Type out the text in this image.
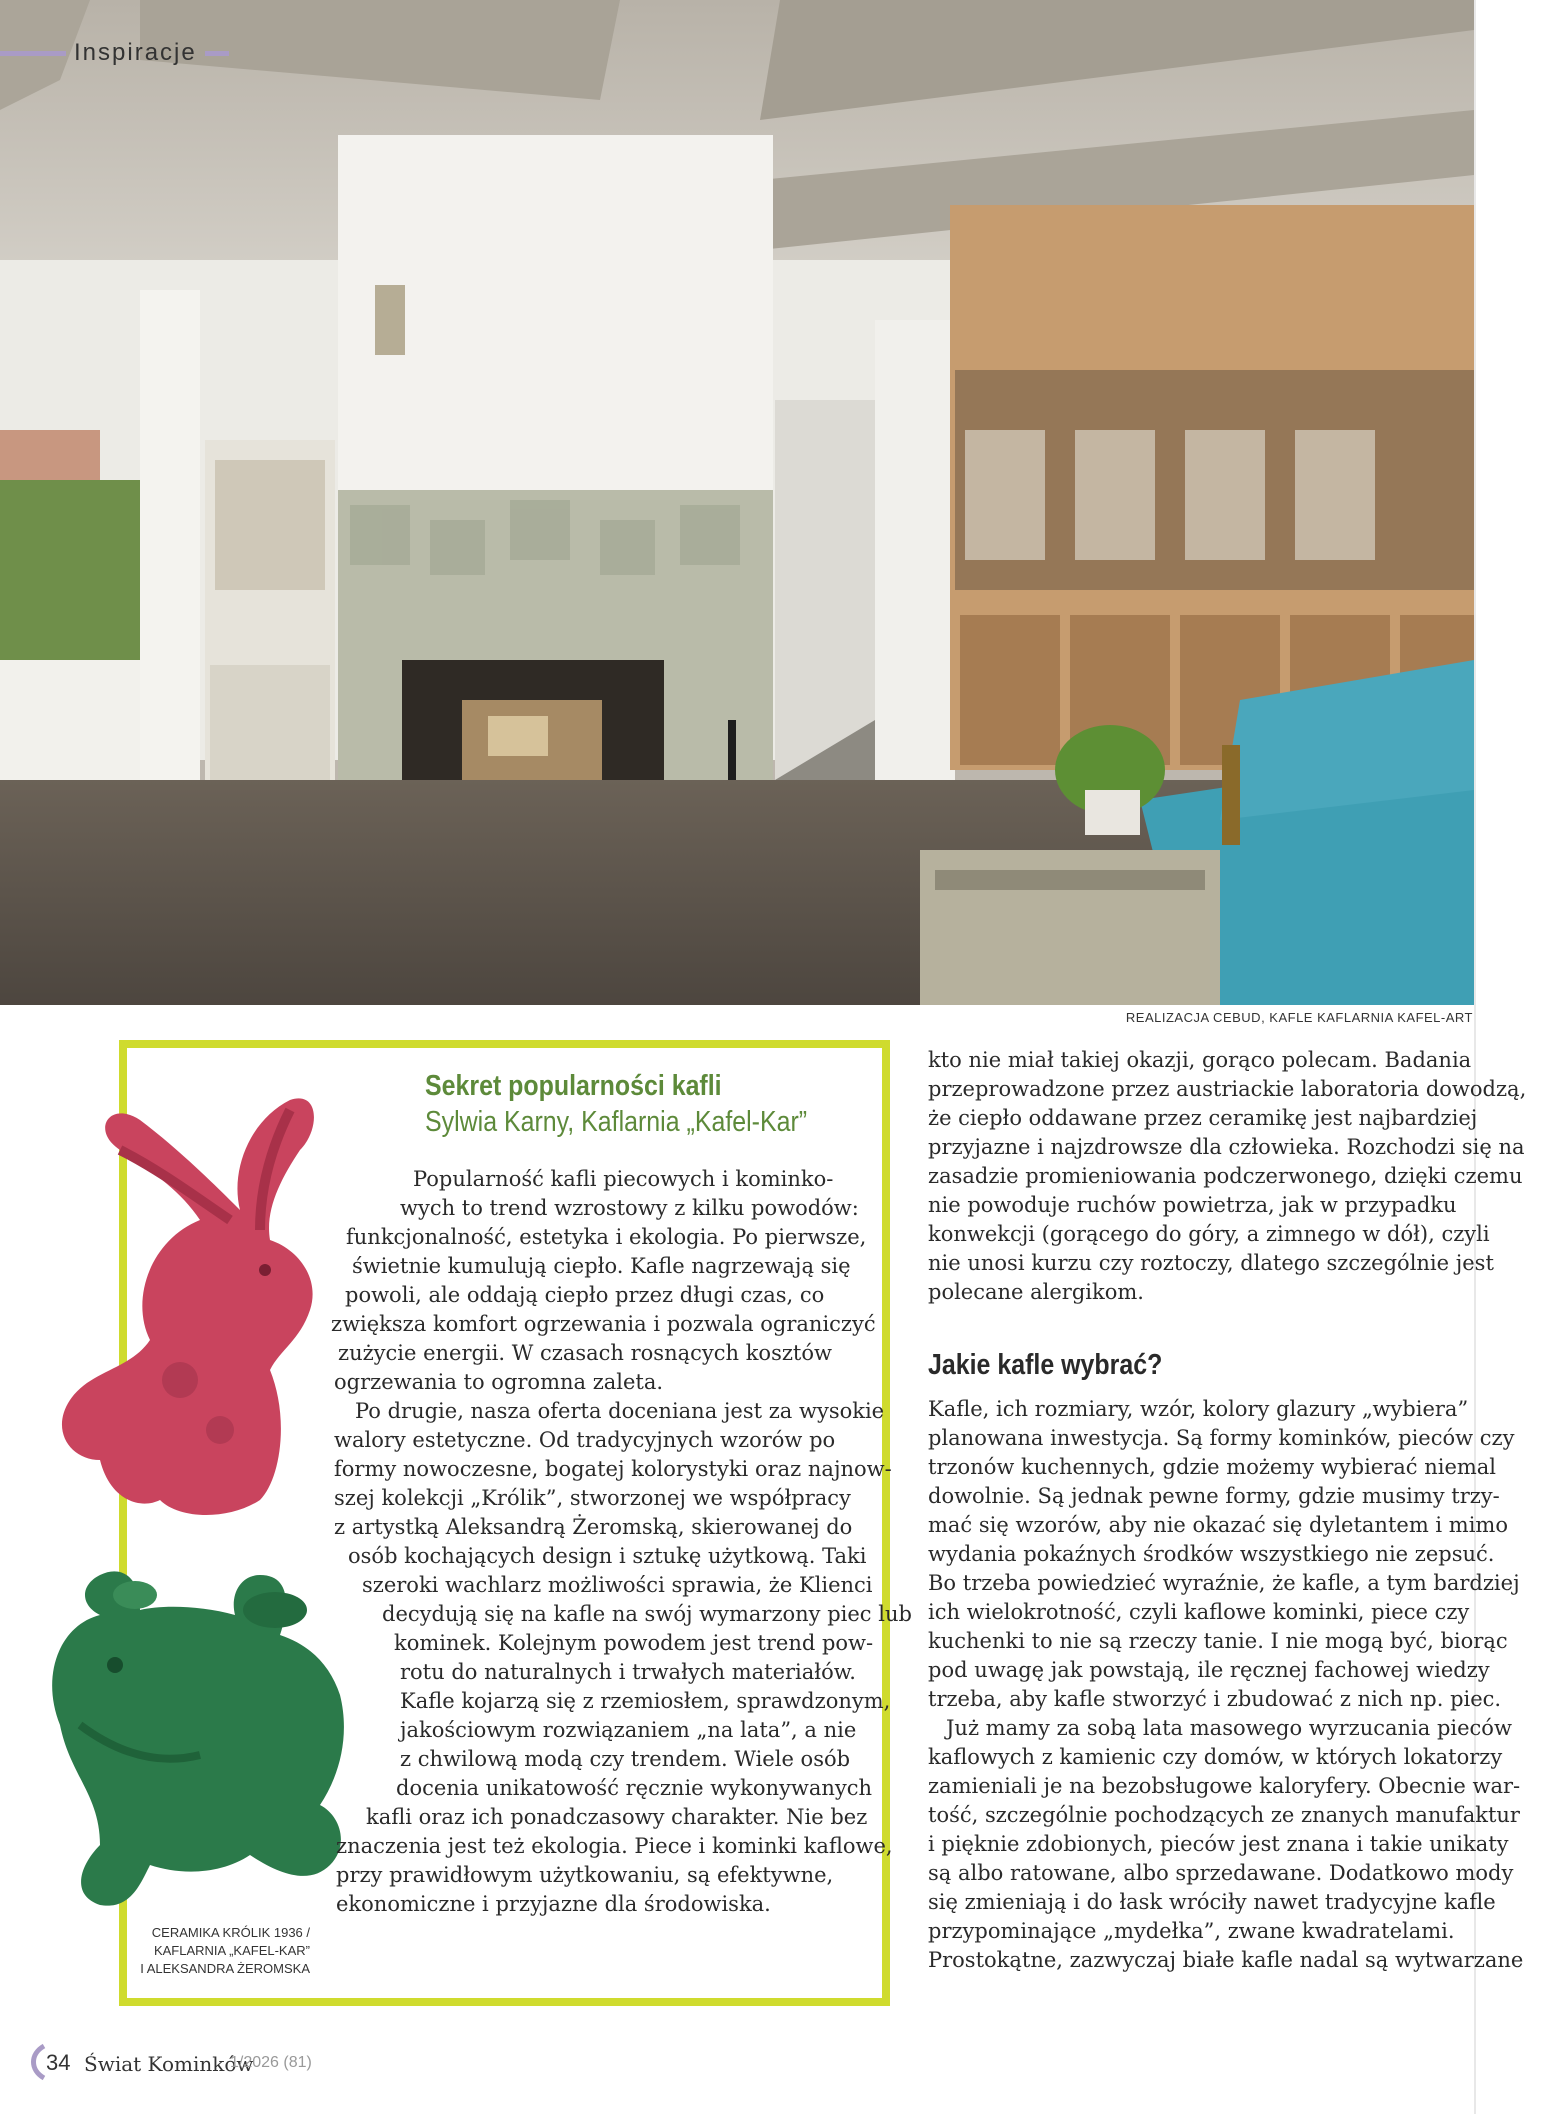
REALIZACJA CEBUD, KAFLE KAFLARNIA KAFEL-ART
Inspiracje
CERAMIKA KRÓLIK 1936 /
KAFLARNIA „KAFEL-KAR”
I ALEKSANDRA ŻEROMSKA
Sekret popularności kafli
Sylwia Karny, Kaflarnia „Kafel-Kar”
Popularność kafli piecowych i kominko-
wych to trend wzrostowy z kilku powodów:
funkcjonalność, estetyka i ekologia. Po pierwsze,
świetnie kumulują ciepło. Kafle nagrzewają się
powoli, ale oddają ciepło przez długi czas, co
zwiększa komfort ogrzewania i pozwala ograniczyć
zużycie energii. W czasach rosnących kosztów
ogrzewania to ogromna zaleta.
Po drugie, nasza oferta doceniana jest za wysokie
walory estetyczne. Od tradycyjnych wzorów po
formy nowoczesne, bogatej kolorystyki oraz najnow-
szej kolekcji „Królik”, stworzonej we współpracy
z artystką Aleksandrą Żeromską, skierowanej do
osób kochających design i sztukę użytkową. Taki
szeroki wachlarz możliwości sprawia, że Klienci
decydują się na kafle na swój wymarzony piec lub
kominek. Kolejnym powodem jest trend pow-
rotu do naturalnych i trwałych materiałów.
Kafle kojarzą się z rzemiosłem, sprawdzonym,
jakościowym rozwiązaniem „na lata”, a nie
z chwilową modą czy trendem. Wiele osób
docenia unikatowość ręcznie wykonywanych
kafli oraz ich ponadczasowy charakter. Nie bez
znaczenia jest też ekologia. Piece i kominki kaflowe,
przy prawidłowym użytkowaniu, są efektywne,
ekonomiczne i przyjazne dla środowiska.
kto nie miał takiej okazji, gorąco polecam. Badania
przeprowadzone przez austriackie laboratoria dowodzą,
że ciepło oddawane przez ceramikę jest najbardziej
przyjazne i najzdrowsze dla człowieka. Rozchodzi się na
zasadzie promieniowania podczerwonego, dzięki czemu
nie powoduje ruchów powietrza, jak w przypadku
konwekcji (gorącego do góry, a zimnego w dół), czyli
nie unosi kurzu czy roztoczy, dlatego szczególnie jest
polecane alergikom.
Jakie kafle wybrać?
Kafle, ich rozmiary, wzór, kolory glazury „wybiera”
planowana inwestycja. Są formy kominków, pieców czy
trzonów kuchennych, gdzie możemy wybierać niemal
dowolnie. Są jednak pewne formy, gdzie musimy trzy-
mać się wzorów, aby nie okazać się dyletantem i mimo
wydania pokaźnych środków wszystkiego nie zepsuć.
Bo trzeba powiedzieć wyraźnie, że kafle, a tym bardziej
ich wielokrotność, czyli kaflowe kominki, piece czy
kuchenki to nie są rzeczy tanie. I nie mogą być, biorąc
pod uwagę jak powstają, ile ręcznej fachowej wiedzy
trzeba, aby kafle stworzyć i zbudować z nich np. piec.
Już mamy za sobą lata masowego wyrzucania pieców
kaflowych z kamienic czy domów, w których lokatorzy
zamieniali je na bezobsługowe kaloryfery. Obecnie war-
tość, szczególnie pochodzących ze znanych manufaktur
i pięknie zdobionych, pieców jest znana i takie unikaty
są albo ratowane, albo sprzedawane. Dodatkowo mody
się zmieniają i do łask wróciły nawet tradycyjne kafle
przypominające „mydełka”, zwane kwadratelami.
Prostokątne, zazwyczaj białe kafle nadal są wytwarzane
34 Świat Kominków
1/2026 (81)
